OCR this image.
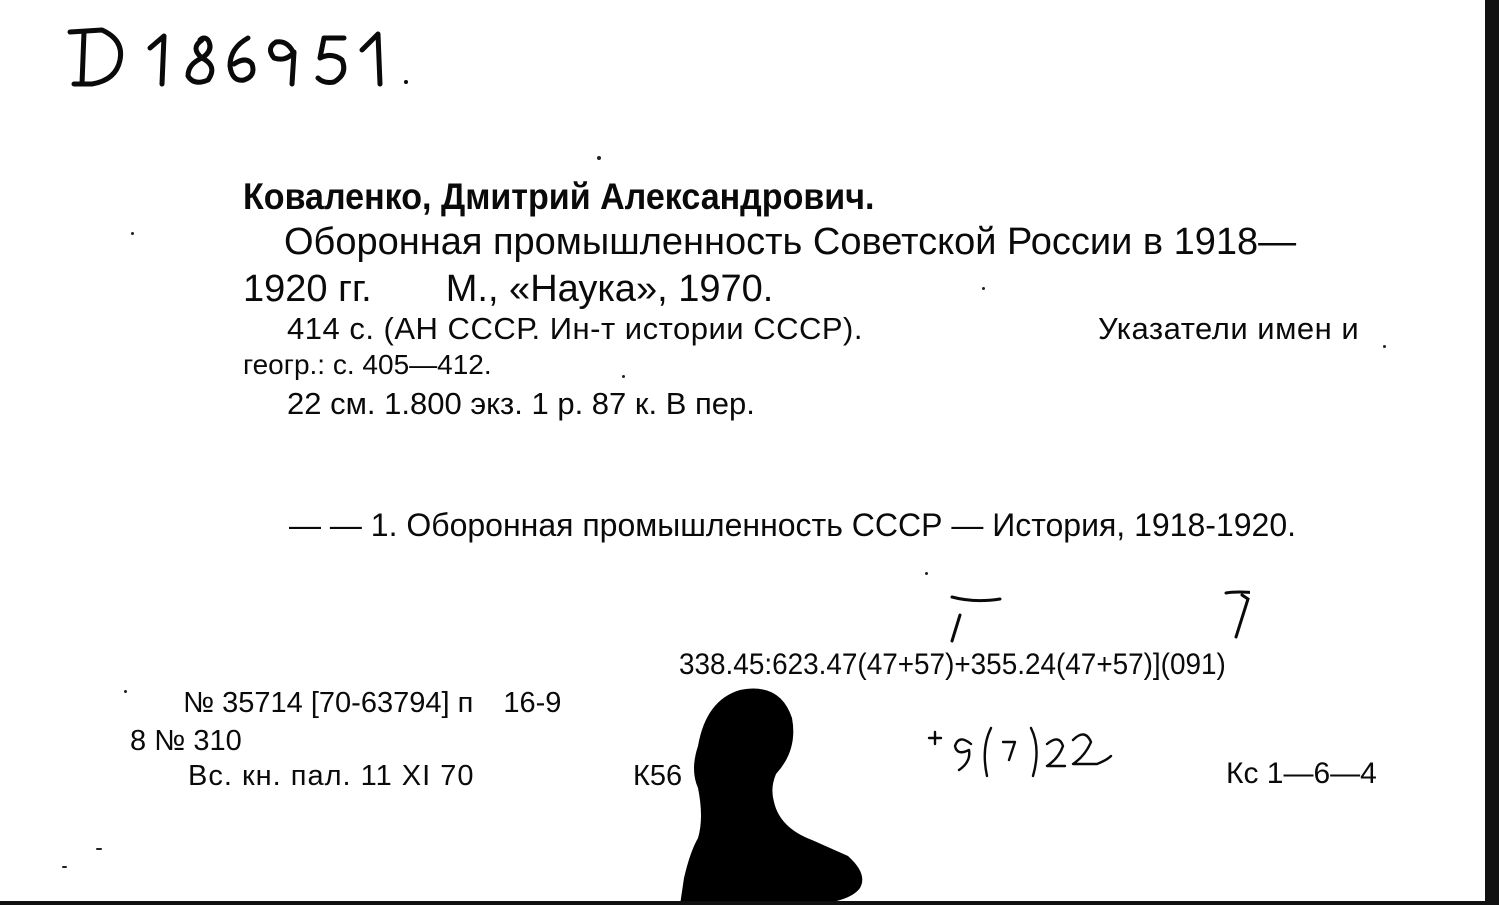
D 186951

Коваленко, Дмитрий Александрович.

Оборонная промышленность Советской России в 1918—

1920 гг. М., «Наука», 1970.

414 с. (АН СССР. Ин-т истории СССР).	Указатели имен и

геогр.: с. 405—412.

22 см. 1.800 экз. 1 р. 87 к. В пер.

— — 1. Оборонная промышленность СССР — История, 1918-1920.

338.45:623.47(47+57)+355.24(47+57)](091)

№ 35714 [70-63794] п 16-9

8 № 310

Вс. кн. пал. 11 XI 70	К56	Кс 1—6—4
